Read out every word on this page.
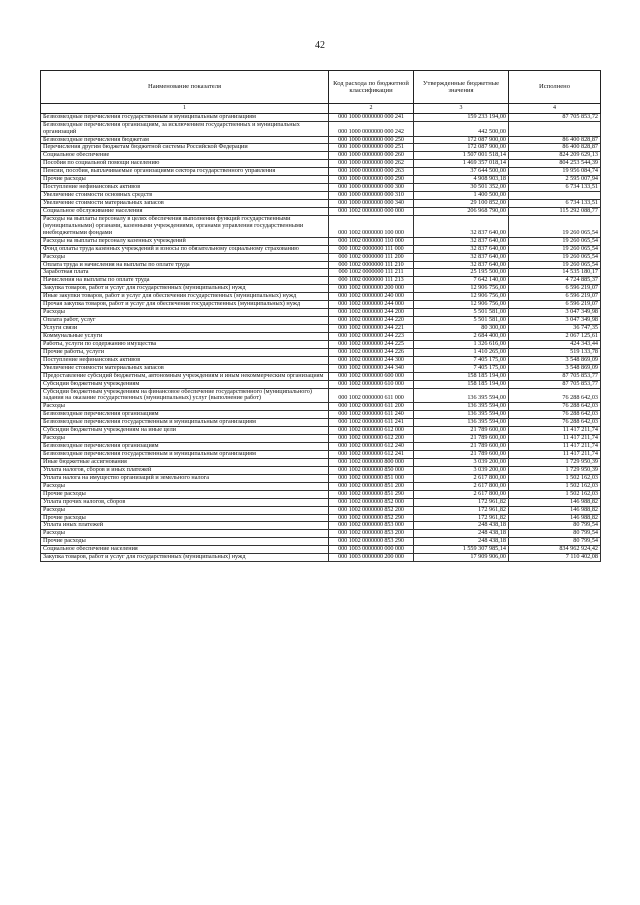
42
Наименование показателя	Код расхода по бюджетной классификации	Утвержденные бюджетные значения	Исполнено
1	2	3	4
Безвозмездные перечисления государственным и муниципальным организациям	000 1000 0000000 000 241	159 233 194,00	87 705 853,72
Безвозмездные перечисления организациям, за исключением государственных и муниципальных организаций	000 1000 0000000 000 242	442 500,00	
Безвозмездные перечисления бюджетам	000 1000 0000000 000 250	172 087 900,00	86 400 828,87
Перечисления другим бюджетам бюджетной системы Российской Федерации	000 1000 0000000 000 251	172 087 900,00	86 400 828,87
Социальное обеспечение	000 1000 0000000 000 260	1 507 001 518,14	824 209 629,13
Пособия по социальной помощи населению	000 1000 0000000 000 262	1 469 357 018,14	804 253 544,39
Пенсии, пособия, выплачиваемые организациями сектора государственного управления	000 1000 0000000 000 263	37 644 500,00	19 956 084,74
Прочие расходы	000 1000 0000000 000 290	4 908 903,18	2 595 007,94
Поступление нефинансовых активов	000 1000 0000000 000 300	30 501 352,00	6 734 133,51
Увеличение стоимости основных средств	000 1000 0000000 000 310	1 400 500,00	
Увеличение стоимости материальных запасов	000 1000 0000000 000 340	29 100 852,00	6 734 133,51
Социальное обслуживание населения	000 1002 0000000 000 000	206 968 790,00	115 292 088,77
Расходы на выплаты персоналу в целях обеспечения выполнения функций государственными (муниципальными) органами, казенными учреждениями, органами управления государственными внебюджетными фондами	000 1002 0000000 100 000	32 837 640,00	19 260 065,54
Расходы на выплаты персоналу казенных учреждений	000 1002 0000000 110 000	32 837 640,00	19 260 065,54
Фонд оплаты труда казенных учреждений и взносы по обязательному социальному страхованию	000 1002 0000000 111 000	32 837 640,00	19 260 065,54
Расходы	000 1002 0000000 111 200	32 837 640,00	19 260 065,54
Оплата труда и начисления на выплаты по оплате труда	000 1002 0000000 111 210	32 837 640,00	19 260 065,54
Заработная плата	000 1002 0000000 111 211	25 195 500,00	14 535 180,17
Начисления на выплаты по оплате труда	000 1002 0000000 111 213	7 642 140,00	4 724 885,37
Закупка товаров, работ и услуг для государственных (муниципальных) нужд	000 1002 0000000 200 000	12 906 756,00	6 596 219,07
Иные закупки товаров, работ и услуг для обеспечения государственных (муниципальных) нужд	000 1002 0000000 240 000	12 906 756,00	6 596 219,07
Прочая закупка товаров, работ и услуг для обеспечения государственных (муниципальных) нужд	000 1002 0000000 244 000	12 906 756,00	6 596 219,07
Расходы	000 1002 0000000 244 200	5 501 581,00	3 047 349,98
Оплата работ, услуг	000 1002 0000000 244 220	5 501 581,00	3 047 349,98
Услуги связи	000 1002 0000000 244 221	80 300,00	36 747,35
Коммунальные услуги	000 1002 0000000 244 223	2 684 400,00	2 067 125,61
Работы, услуги по содержанию имущества	000 1002 0000000 244 225	1 326 616,00	424 343,44
Прочие работы, услуги	000 1002 0000000 244 226	1 410 265,00	519 133,78
Поступление нефинансовых активов	000 1002 0000000 244 300	7 405 175,00	3 548 869,09
Увеличение стоимости материальных запасов	000 1002 0000000 244 340	7 405 175,00	3 548 869,09
Предоставление субсидий бюджетным, автономным учреждениям и иным некоммерческим организациям	000 1002 0000000 600 000	158 185 194,00	87 705 853,77
Субсидии бюджетным учреждениям	000 1002 0000000 610 000	158 185 194,00	87 705 853,77
Субсидии бюджетным учреждениям на финансовое обеспечение государственного (муниципального) задания на оказание государственных (муниципальных) услуг (выполнение работ)	000 1002 0000000 611 000	136 395 594,00	76 288 642,03
Расходы	000 1002 0000000 611 200	136 395 594,00	76 288 642,03
Безвозмездные перечисления организациям	000 1002 0000000 611 240	136 395 594,00	76 288 642,03
Безвозмездные перечисления государственным и муниципальным организациям	000 1002 0000000 611 241	136 395 594,00	76 288 642,03
Субсидии бюджетным учреждениям на иные цели	000 1002 0000000 612 000	21 789 600,00	11 417 211,74
Расходы	000 1002 0000000 612 200	21 789 600,00	11 417 211,74
Безвозмездные перечисления организациям	000 1002 0000000 612 240	21 789 600,00	11 417 211,74
Безвозмездные перечисления государственным и муниципальным организациям	000 1002 0000000 612 241	21 789 600,00	11 417 211,74
Иные бюджетные ассигнования	000 1002 0000000 800 000	3 039 200,00	1 729 950,39
Уплата налогов, сборов и иных платежей	000 1002 0000000 850 000	3 039 200,00	1 729 950,39
Уплата налога на имущество организаций и земельного налога	000 1002 0000000 851 000	2 617 800,00	1 502 162,03
Расходы	000 1002 0000000 851 200	2 617 800,00	1 502 162,03
Прочие расходы	000 1002 0000000 851 290	2 617 800,00	1 502 162,03
Уплата прочих налогов, сборов	000 1002 0000000 852 000	172 961,82	146 988,82
Расходы	000 1002 0000000 852 200	172 961,82	146 988,82
Прочие расходы	000 1002 0000000 852 290	172 961,82	146 988,82
Уплата иных платежей	000 1002 0000000 853 000	248 438,18	80 799,54
Расходы	000 1002 0000000 853 200	248 438,18	80 799,54
Прочие расходы	000 1002 0000000 853 290	248 438,18	80 799,54
Социальное обеспечение населения	000 1003 0000000 000 000	1 559 307 985,14	834 962 924,42
Закупка товаров, работ и услуг для государственных (муниципальных) нужд	000 1003 0000000 200 000	17 909 906,00	7 110 402,08
